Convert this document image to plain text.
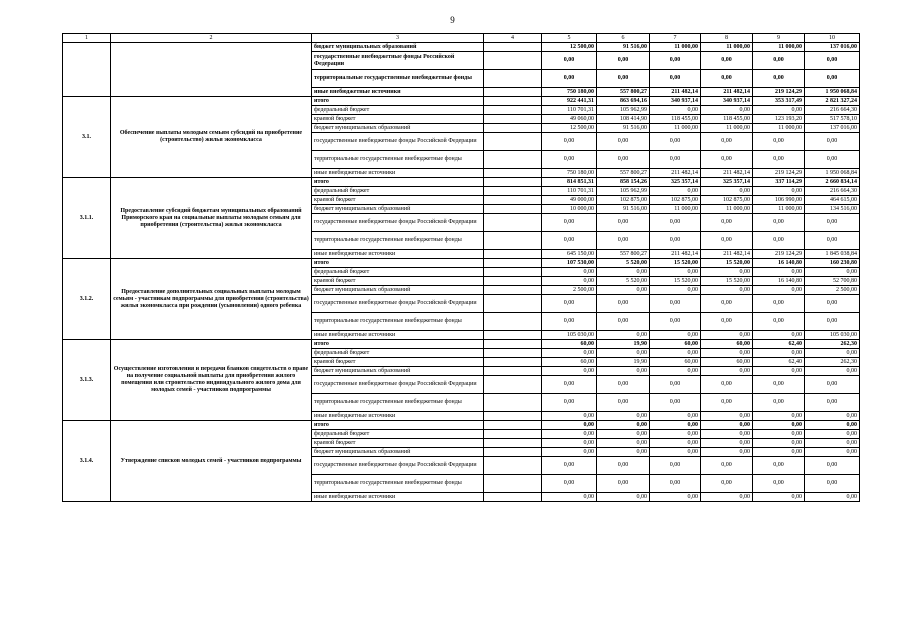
9
1	2	3	4	5	6	7	8	9	10
		бюджет муниципальных образований		12 500,00	91 516,00	11 000,00	11 000,00	11 000,00	137 016,00
		государственные внебюджетные фонды Российской Федерации		0,00	0,00	0,00	0,00	0,00	0,00
		территориальные государственные внебюджетные фонды		0,00	0,00	0,00	0,00	0,00	0,00
		иные внебюджетные источники		750 180,00	557 800,27	211 482,14	211 482,14	219 124,29	1 950 068,84
3.1.	Обеспечение выплаты молодым семьям субсидий на приобретение (строительство) жилья экономкласса	итого		922 441,31	863 694,16	340 937,14	340 937,14	353 317,49	2 821 327,24
		федеральный бюджет		110 701,31	105 962,99	0,00	0,00	0,00	216 664,30
		краевой бюджет		49 060,00	108 414,90	118 455,00	118 455,00	123 193,20	517 578,10
		бюджет муниципальных образований		12 500,00	91 516,00	11 000,00	11 000,00	11 000,00	137 016,00
		государственные внебюджетные фонды Российской Федерации		0,00	0,00	0,00	0,00	0,00	0,00
		территориальные государственные внебюджетные фонды		0,00	0,00	0,00	0,00	0,00	0,00
		иные внебюджетные источники		750 180,00	557 800,27	211 482,14	211 482,14	219 124,29	1 950 068,84
3.1.1.	Предоставление субсидий бюджетам муниципальных образований Приморского края на социальные выплаты молодым семьям для приобретения (строительства) жилья экономкласса	итого		814 851,31	858 154,26	325 357,14	325 357,14	337 114,29	2 660 834,14
		федеральный бюджет		110 701,31	105 962,99	0,00	0,00	0,00	216 664,30
		краевой бюджет		49 000,00	102 875,00	102 875,00	102 875,00	106 990,00	464 615,00
		бюджет муниципальных образований		10 000,00	91 516,00	11 000,00	11 000,00	11 000,00	134 516,00
		государственные внебюджетные фонды Российской Федерации		0,00	0,00	0,00	0,00	0,00	0,00
		территориальные государственные внебюджетные фонды		0,00	0,00	0,00	0,00	0,00	0,00
		иные внебюджетные источники		645 150,00	557 800,27	211 482,14	211 482,14	219 124,29	1 845 038,84
3.1.2.	Предоставление дополнительных социальных выплаты молодым семьям - участникам подпрограммы для приобретения (строительства) жилья экономкласса при рождении (усыновлении) одного ребенка	итого		107 530,00	5 520,00	15 520,00	15 520,00	16 140,80	160 230,80
		федеральный бюджет		0,00	0,00	0,00	0,00	0,00	0,00
		краевой бюджет		0,00	5 520,00	15 520,00	15 520,00	16 140,80	52 700,80
		бюджет муниципальных образований		2 500,00	0,00	0,00	0,00	0,00	2 500,00
		государственные внебюджетные фонды Российской Федерации		0,00	0,00	0,00	0,00	0,00	0,00
		территориальные государственные внебюджетные фонды		0,00	0,00	0,00	0,00	0,00	0,00
		иные внебюджетные источники		105 030,00	0,00	0,00	0,00	0,00	105 030,00
3.1.3.	Осуществление изготовления и передачи бланков свидетельств о праве на получение социальной выплаты для приобретения жилого помещения или строительство индивидуального жилого дома для молодых семей - участников подпрограммы	итого		60,00	19,90	60,00	60,00	62,40	262,30
		федеральный бюджет		0,00	0,00	0,00	0,00	0,00	0,00
		краевой бюджет		60,00	19,90	60,00	60,00	62,40	262,30
		бюджет муниципальных образований		0,00	0,00	0,00	0,00	0,00	0,00
		государственные внебюджетные фонды Российской Федерации		0,00	0,00	0,00	0,00	0,00	0,00
		территориальные государственные внебюджетные фонды		0,00	0,00	0,00	0,00	0,00	0,00
		иные внебюджетные источники		0,00	0,00	0,00	0,00	0,00	0,00
3.1.4.	Утверждение списков молодых семей - участников подпрограммы	итого		0,00	0,00	0,00	0,00	0,00	0,00
		федеральный бюджет		0,00	0,00	0,00	0,00	0,00	0,00
		краевой бюджет		0,00	0,00	0,00	0,00	0,00	0,00
		бюджет муниципальных образований		0,00	0,00	0,00	0,00	0,00	0,00
		государственные внебюджетные фонды Российской Федерации		0,00	0,00	0,00	0,00	0,00	0,00
		территориальные государственные внебюджетные фонды		0,00	0,00	0,00	0,00	0,00	0,00
		иные внебюджетные источники		0,00	0,00	0,00	0,00	0,00	0,00
